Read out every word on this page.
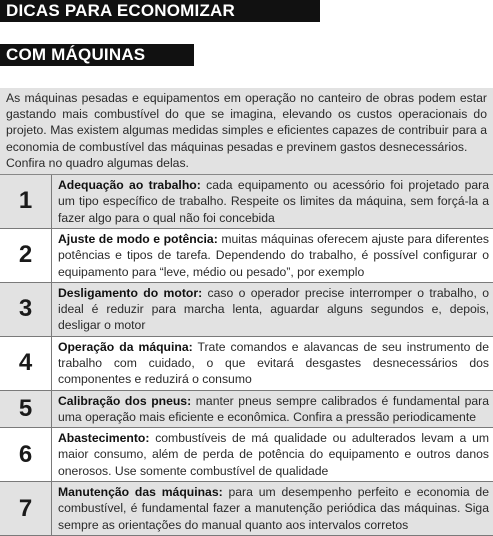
DICAS PARA ECONOMIZAR COMBUSTÍVEL
COM MÁQUINAS PESADAS

As máquinas pesadas e equipamentos em operação no canteiro de obras podem estar gastando mais combustível do que se imagina, elevando os custos operacionais do projeto. Mas existem algumas medidas simples e eficientes capazes de contribuir para a economia de combustível das máquinas pesadas e previnem gastos desnecessários.

Confira no quadro algumas delas.

1
Adequação ao trabalho: cada equipamento ou acessório foi projetado para um tipo específico de trabalho. Respeite os limites da máquina, sem forçá-la a fazer algo para o qual não foi concebida
2
Ajuste de modo e potência: muitas máquinas oferecem ajuste para diferentes potências e tipos de tarefa. Dependendo do trabalho, é possível configurar o equipamento para “leve, médio ou pesado”, por exemplo
3
Desligamento do motor: caso o operador precise interromper o trabalho, o ideal é reduzir para marcha lenta, aguardar alguns segundos e, depois, desligar o motor
4
Operação da máquina: Trate comandos e alavancas de seu instrumento de trabalho com cuidado, o que evitará desgastes desnecessários dos componentes e reduzirá o consumo
5	Calibração dos pneus: manter pneus sempre calibrados é fundamental para uma operação mais eficiente e econômica. Confira a pressão periodicamente
6
Abastecimento: combustíveis de má qualidade ou adulterados levam a um maior consumo, além de perda de potência do equipamento e outros danos onerosos. Use somente combustível de qualidade
7
Manutenção das máquinas: para um desempenho perfeito e economia de combustível, é fundamental fazer a manutenção periódica das máquinas. Siga sempre as orientações do manual quanto aos intervalos corretos
